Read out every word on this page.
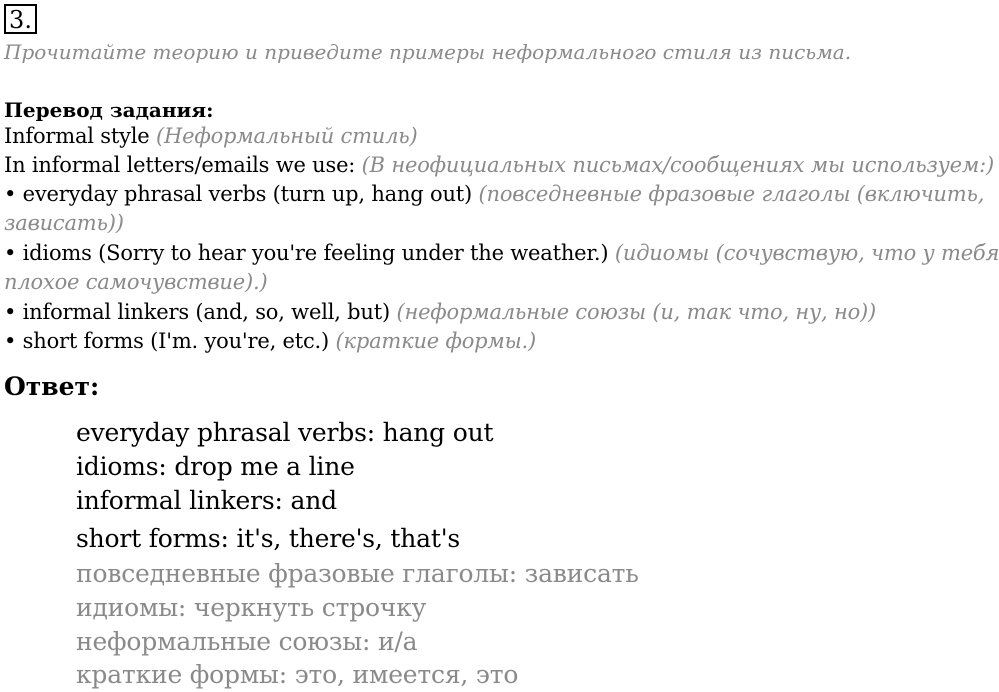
3.
Прочитайте теорию и приведите примеры неформального стиля из письма.
Перевод задания:
Informal style (Неформальный стиль)
In informal letters/emails we use: (В неофициальных письмах/сообщениях мы используем:)
• everyday phrasal verbs (turn up, hang out) (повседневные фразовые глаголы (включить,
зависать))
• idioms (Sorry to hear you're feeling under the weather.) (идиомы (сочувствую, что у тебя
плохое самочувствие).)
• informal linkers (and, so, well, but) (неформальные союзы (и, так что, ну, но))
• short forms (I'm. you're, etc.) (краткие формы.)
Ответ:
everyday phrasal verbs: hang out
idioms: drop me a line
informal linkers: and
short forms: it's, there's, that's
повседневные фразовые глаголы: зависать
идиомы: черкнуть строчку
неформальные союзы: и/а
краткие формы: это, имеется, это
